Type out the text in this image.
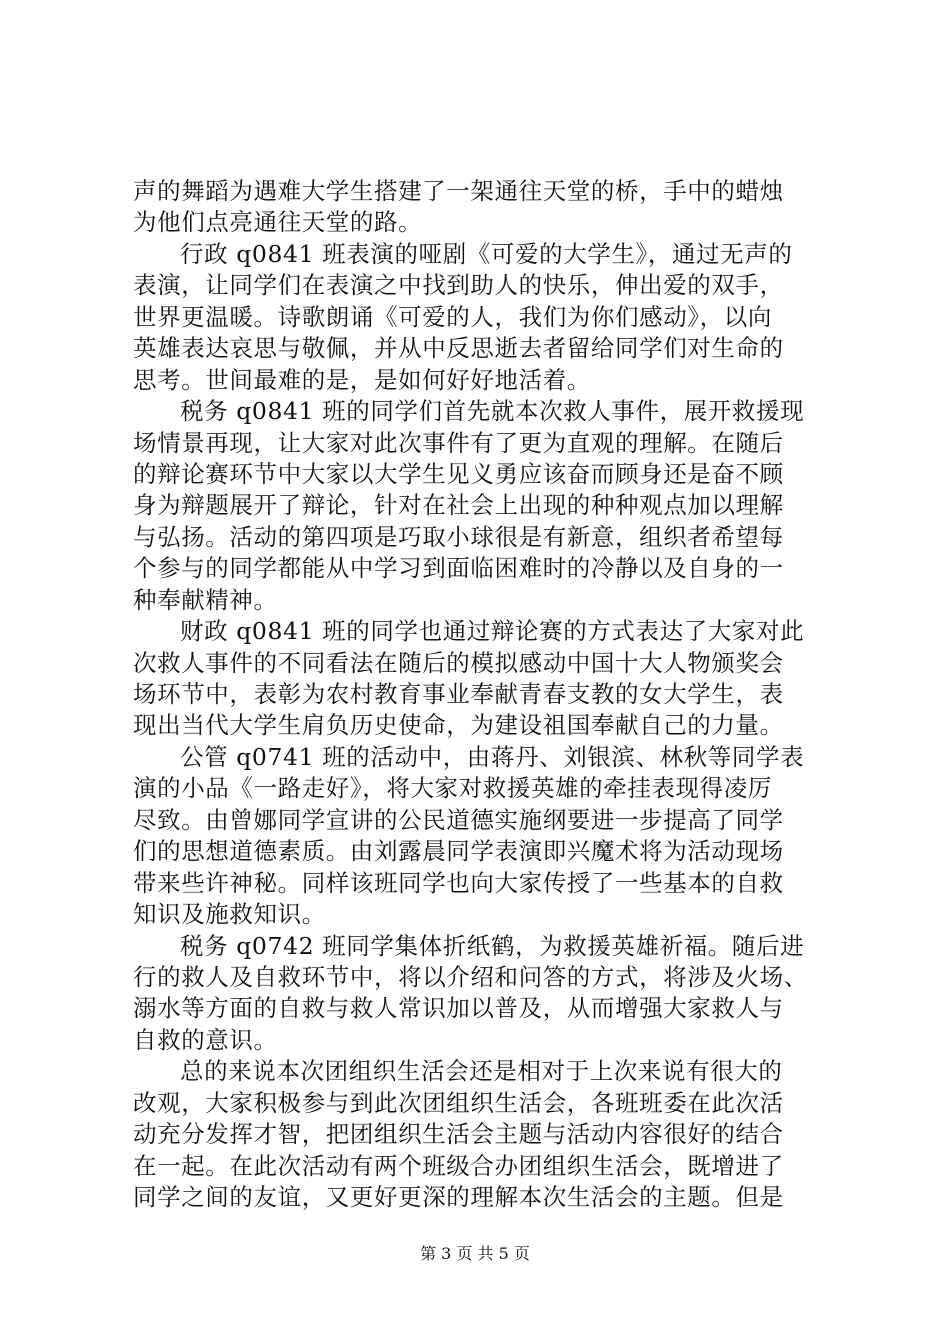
声的舞蹈为遇难大学生搭建了一架通往天堂的桥，手中的蜡烛
为他们点亮通往天堂的路。
行政 q0841 班表演的哑剧《可爱的大学生》，通过无声的
表演，让同学们在表演之中找到助人的快乐，伸出爱的双手，
世界更温暖。诗歌朗诵《可爱的人，我们为你们感动》，以向
英雄表达哀思与敬佩，并从中反思逝去者留给同学们对生命的
思考。世间最难的是，是如何好好地活着。
税务 q0841 班的同学们首先就本次救人事件，展开救援现
场情景再现，让大家对此次事件有了更为直观的理解。在随后
的辩论赛环节中大家以大学生见义勇应该奋而顾身还是奋不顾
身为辩题展开了辩论，针对在社会上出现的种种观点加以理解
与弘扬。活动的第四项是巧取小球很是有新意，组织者希望每
个参与的同学都能从中学习到面临困难时的冷静以及自身的一
种奉献精神。
财政 q0841 班的同学也通过辩论赛的方式表达了大家对此
次救人事件的不同看法在随后的模拟感动中国十大人物颁奖会
场环节中，表彰为农村教育事业奉献青春支教的女大学生，表
现出当代大学生肩负历史使命，为建设祖国奉献自己的力量。
公管 q0741 班的活动中，由蒋丹、刘银滨、林秋等同学表
演的小品《一路走好》，将大家对救援英雄的牵挂表现得凌厉
尽致。由曾娜同学宣讲的公民道德实施纲要进一步提高了同学
们的思想道德素质。由刘露晨同学表演即兴魔术将为活动现场
带来些许神秘。同样该班同学也向大家传授了一些基本的自救
知识及施救知识。
税务 q0742 班同学集体折纸鹤，为救援英雄祈福。随后进
行的救人及自救环节中，将以介绍和问答的方式，将涉及火场、
溺水等方面的自救与救人常识加以普及，从而增强大家救人与
自救的意识。
总的来说本次团组织生活会还是相对于上次来说有很大的
改观，大家积极参与到此次团组织生活会，各班班委在此次活
动充分发挥才智，把团组织生活会主题与活动内容很好的结合
在一起。在此次活动有两个班级合办团组织生活会，既增进了
第 3 页 共 5 页
同学之间的友谊，又更好更深的理解本次生活会的主题。但是
